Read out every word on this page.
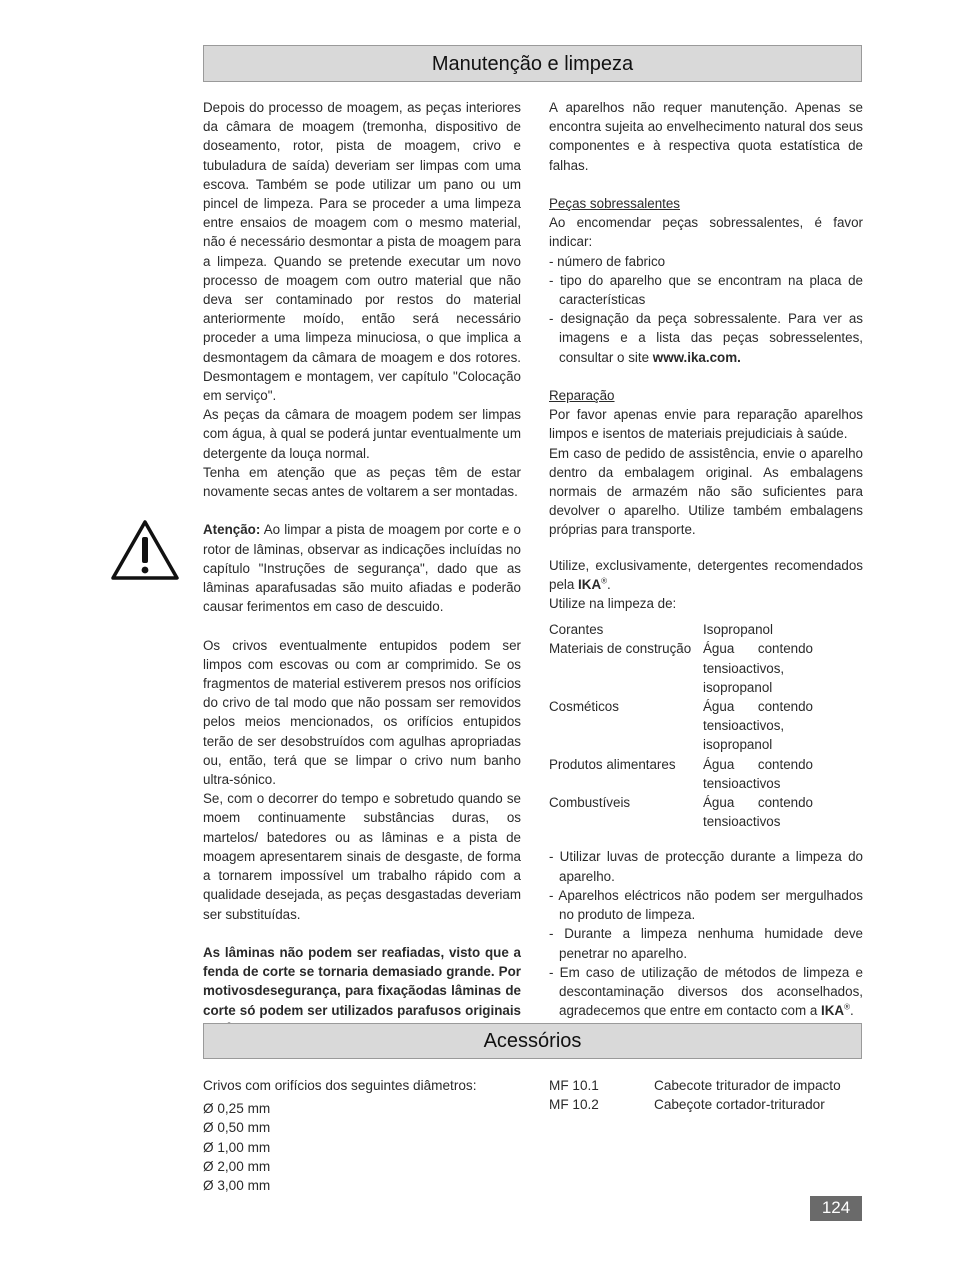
Manutenção e limpeza

Depois do processo de moagem, as peças interiores da câmara de moagem (tremonha, dispositivo de doseamento, rotor, pista de moagem, crivo e tubuladura de saída) deveriam ser limpas com uma escova. Também se pode utilizar um pano ou um pincel de limpeza. Para se proceder a uma limpeza entre ensaios de moagem com o mesmo material, não é necessário desmontar a pista de moagem para a limpeza. Quando se pretende executar um novo processo de moagem com outro material que não deva ser contaminado por restos do material anteriormente moído, então será necessário proceder a uma limpeza minuciosa, o que implica a desmontagem da câmara de moagem e dos rotores. Desmontagem e montagem, ver capítulo "Colocação em serviço".

As peças da câmara de moagem podem ser limpas com água, à qual se poderá juntar eventualmente um detergente da louça normal.

Tenha em atenção que as peças têm de estar novamente secas antes de voltarem a ser montadas.

Atenção: Ao limpar a pista de moagem por corte e o rotor de lâminas, observar as indicações incluídas no capítulo "Instruções de segurança", dado que as lâminas aparafusadas são muito afiadas e poderão causar ferimentos em caso de descuido.

Os crivos eventualmente entupidos podem ser limpos com escovas ou com ar comprimido. Se os fragmentos de material estiverem presos nos orifícios do crivo de tal modo que não possam ser removidos pelos meios mencionados, os orifícios entupidos terão de ser desobstruídos com agulhas apropriadas ou, então, terá que se limpar o crivo num banho ultra-sónico.

Se, com o decorrer do tempo e sobretudo quando se moem continuamente substâncias duras, os martelos/ batedores ou as lâminas e a pista de moagem apresentarem sinais de desgaste, de forma a tornarem impossível um trabalho rápido com a qualidade desejada, as peças desgastadas deveriam ser substituídas.

As lâminas não podem ser reafiadas, visto que a fenda de corte se tornaria demasiado grande. Por motivosdesegurança, para fixaçãodas lâminas de corte só podem ser utilizados parafusos originais

A aparelhos não requer manutenção. Apenas se encontra sujeita ao envelhecimento natural dos seus componentes e à respectiva quota estatística de falhas.

Peças sobressalentes

Ao encomendar peças sobressalentes, é favor indicar:

- número de fabrico

- tipo do aparelho que se encontram na placa de características

- designação da peça sobressalente. Para ver as imagens e a lista das peças sobresselentes, consultar o site www.ika.com.

Reparação

Por favor apenas envie para reparação aparelhos limpos e isentos de materiais prejudiciais à saúde.

Em caso de pedido de assistência, envie o aparelho dentro da embalagem original. As embalagens normais de armazém não são suficientes para devolver o aparelho. Utilize também embalagens próprias para transporte.

Utilize, exclusivamente, detergentes recomendados pela IKA®.

Utilize na limpeza de:

Corantes	Isopropanol
Materiais de construção	Água contendo tensioactivos, isopropanol
Cosméticos	Água contendo tensioactivos, isopropanol
Produtos alimentares	Água contendo tensioactivos
Combustíveis	Água contendo tensioactivos

- Utilizar luvas de protecção durante a limpeza do aparelho.

- Aparelhos eléctricos não podem ser mergulhados no produto de limpeza.

- Durante a limpeza nenhuma humidade deve penetrar no aparelho.

- Em caso de utilização de métodos de limpeza e descontaminação diversos dos aconselhados, agradecemos que entre em contacto com a IKA®.

Acessórios

Crivos com orifícios dos seguintes diâmetros:

Ø 0,25 mm

Ø 0,50 mm

Ø 1,00 mm

Ø 2,00 mm

Ø 3,00 mm

MF 10.1	Cabecote triturador de impacto
MF 10.2	Cabeçote cortador-triturador
124
